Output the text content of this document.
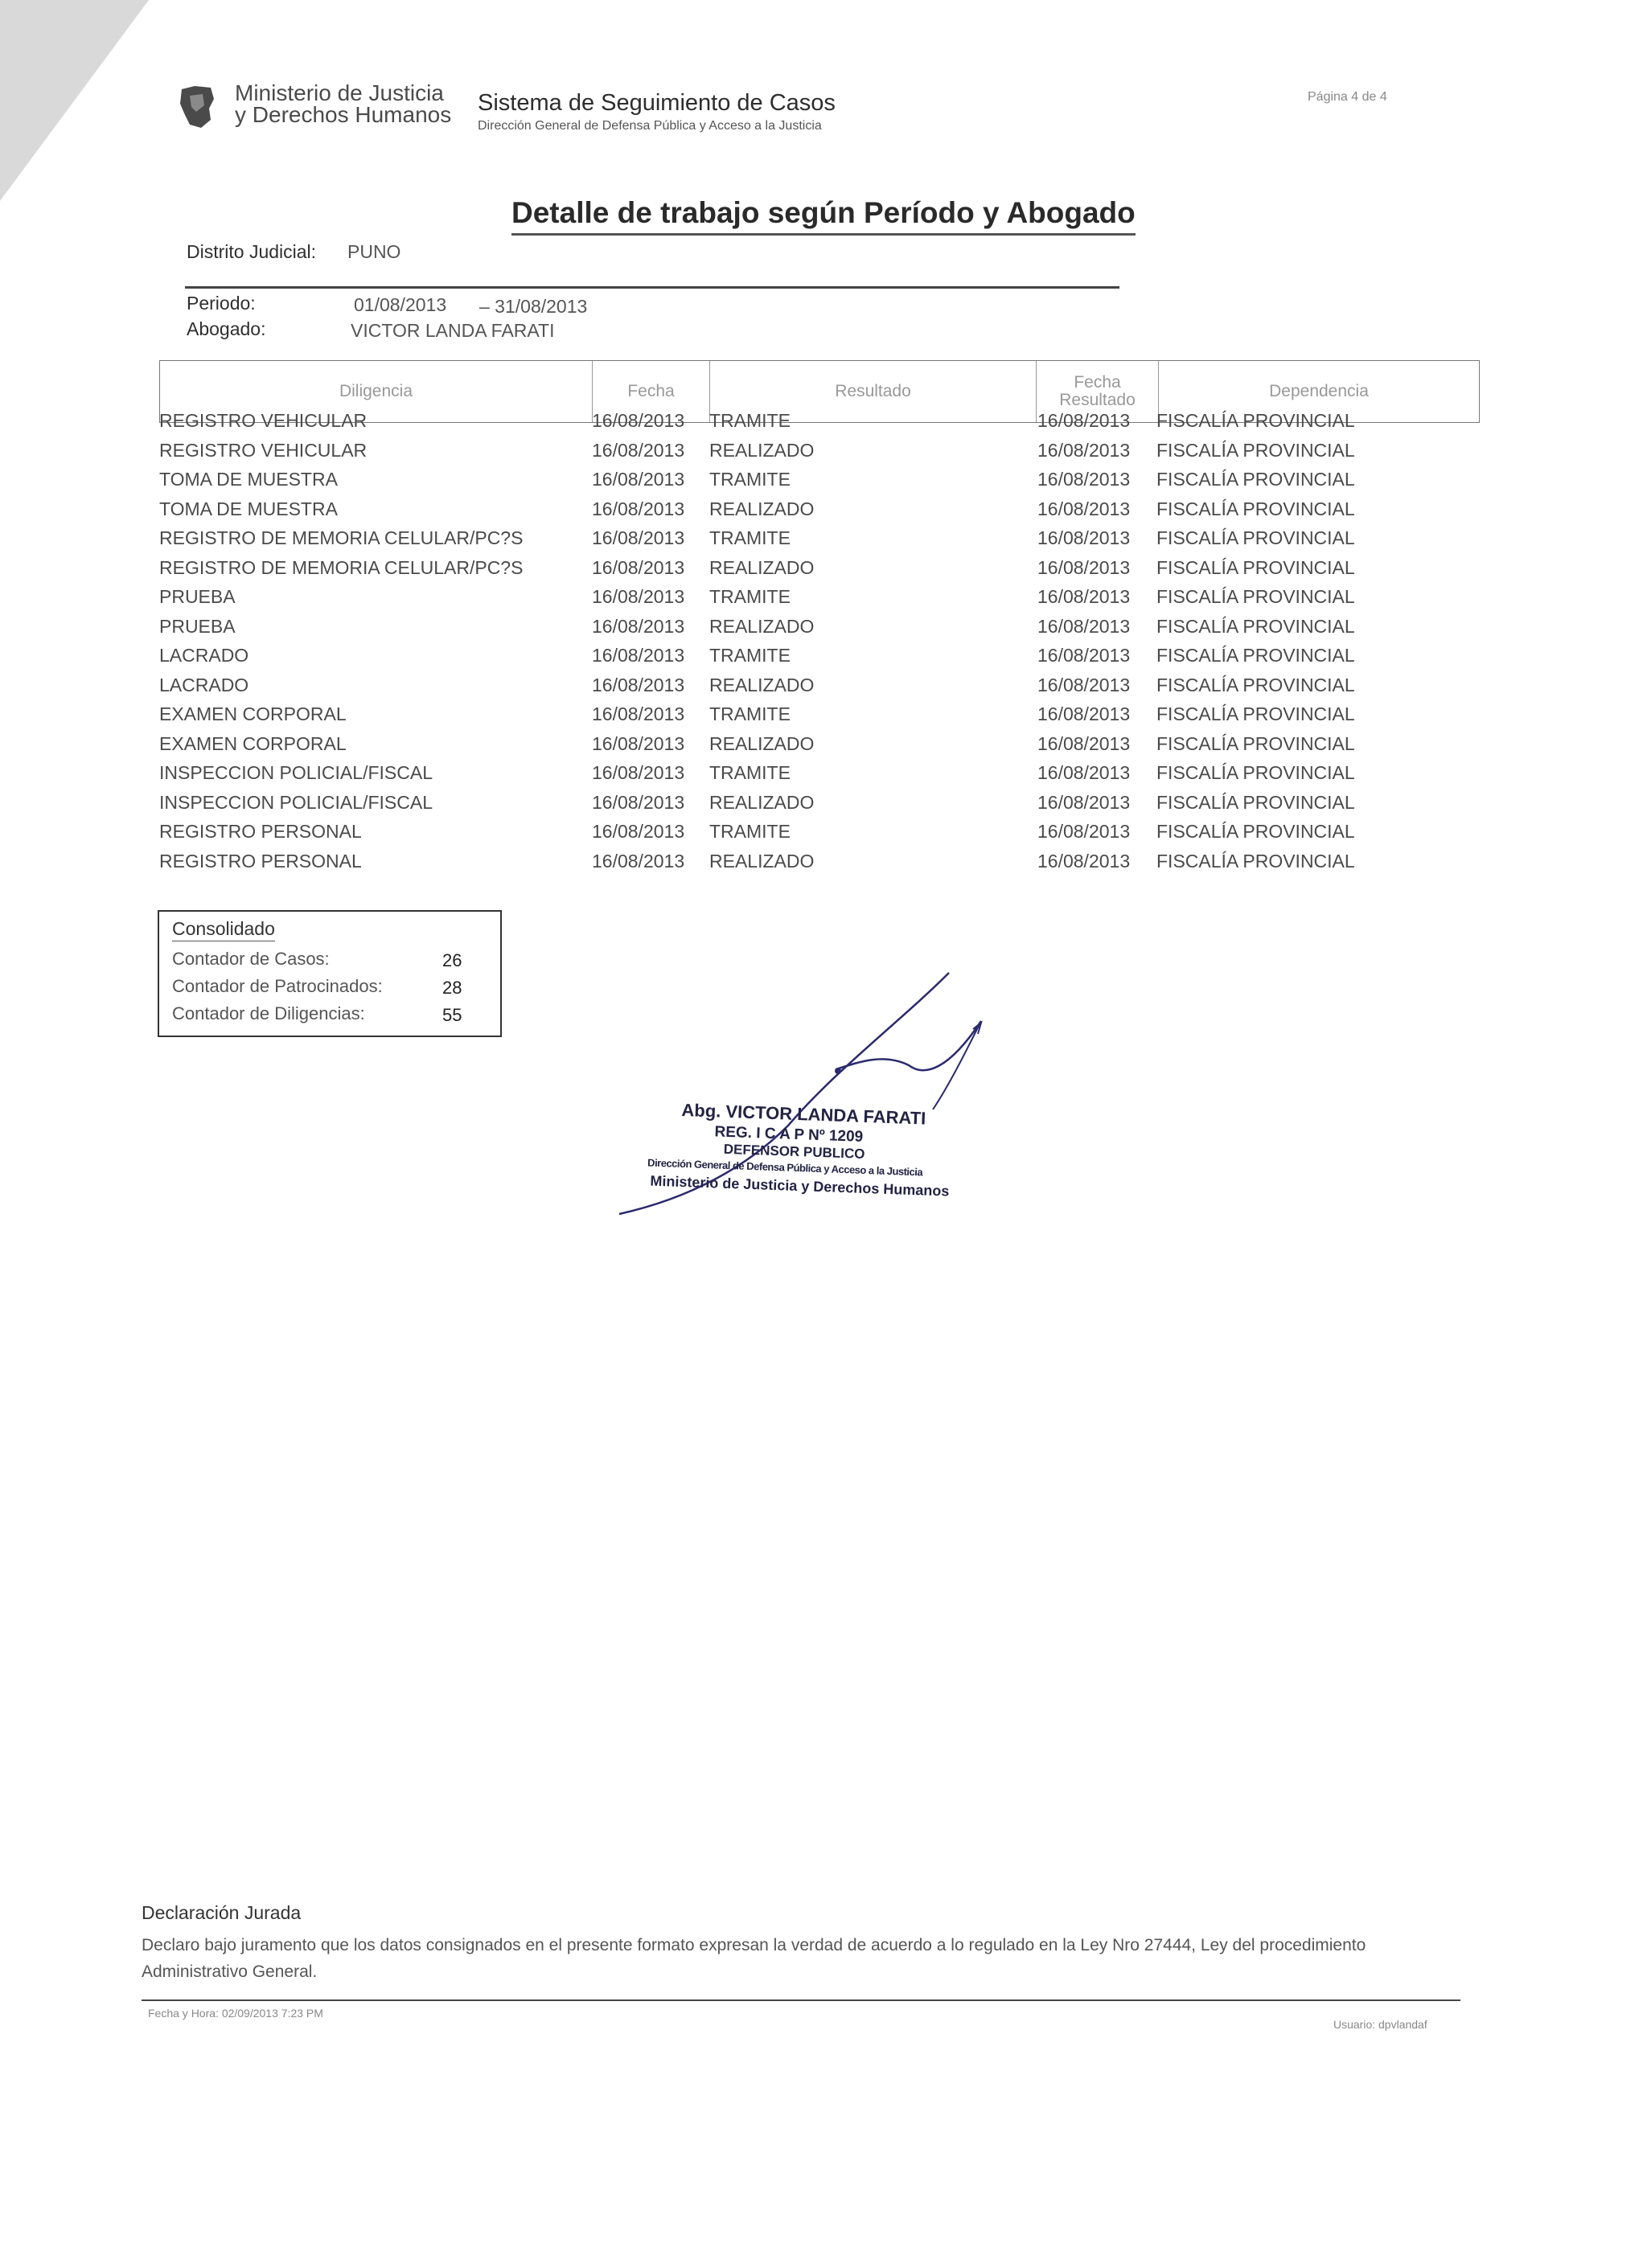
Ministerio de Justicia
y Derechos Humanos Sistema de Seguimiento de Casos
Dirección General de Defensa Pública y Acceso a la Justicia
Página 4 de 4
Detalle de trabajo según Período y Abogado
Distrito Judicial: PUNO
Periodo:	01/08/2013 – 31/08/2013
Abogado:	VICTOR LANDA FARATI
Diligencia	Fecha	Resultado	Fecha Resultado	Dependencia
REGISTRO VEHICULAR	16/08/2013 TRAMITE	16/08/2013 FISCALÍA PROVINCIAL
REGISTRO VEHICULAR	16/08/2013 REALIZADO	16/08/2013 FISCALÍA PROVINCIAL
TOMA DE MUESTRA	16/08/2013 TRAMITE	16/08/2013 FISCALÍA PROVINCIAL
TOMA DE MUESTRA	16/08/2013 REALIZADO	16/08/2013 FISCALÍA PROVINCIAL
REGISTRO DE MEMORIA CELULAR/PC?S	16/08/2013 TRAMITE	16/08/2013 FISCALÍA PROVINCIAL
REGISTRO DE MEMORIA CELULAR/PC?S	16/08/2013 REALIZADO	16/08/2013 FISCALÍA PROVINCIAL
PRUEBA	16/08/2013 TRAMITE	16/08/2013 FISCALÍA PROVINCIAL
PRUEBA	16/08/2013 REALIZADO	16/08/2013 FISCALÍA PROVINCIAL
LACRADO	16/08/2013 TRAMITE	16/08/2013 FISCALÍA PROVINCIAL
LACRADO	16/08/2013 REALIZADO	16/08/2013 FISCALÍA PROVINCIAL
EXAMEN CORPORAL	16/08/2013 TRAMITE	16/08/2013 FISCALÍA PROVINCIAL
EXAMEN CORPORAL	16/08/2013 REALIZADO	16/08/2013 FISCALÍA PROVINCIAL
INSPECCION POLICIAL/FISCAL	16/08/2013 TRAMITE	16/08/2013 FISCALÍA PROVINCIAL
INSPECCION POLICIAL/FISCAL	16/08/2013 REALIZADO	16/08/2013 FISCALÍA PROVINCIAL
REGISTRO PERSONAL	16/08/2013 TRAMITE	16/08/2013 FISCALÍA PROVINCIAL
REGISTRO PERSONAL	16/08/2013 REALIZADO	16/08/2013 FISCALÍA PROVINCIAL
Consolidado
Contador de Casos:	26
Contador de Patrocinados:	28
Contador de Diligencias:	55
Abg. VICTOR LANDA FARATI
REG. I C A P Nº 1209
DEFENSOR PUBLICO
Dirección General de Defensa Pública y Acceso a la Justicia
Ministerio de Justicia y Derechos Humanos
Declaración Jurada
Declaro bajo juramento que los datos consignados en el presente formato expresan la verdad de acuerdo a lo regulado en la Ley Nro 27444, Ley del procedimiento Administrativo General.
Fecha y Hora: 02/09/2013 7:23 PM
Usuario: dpvlandaf
